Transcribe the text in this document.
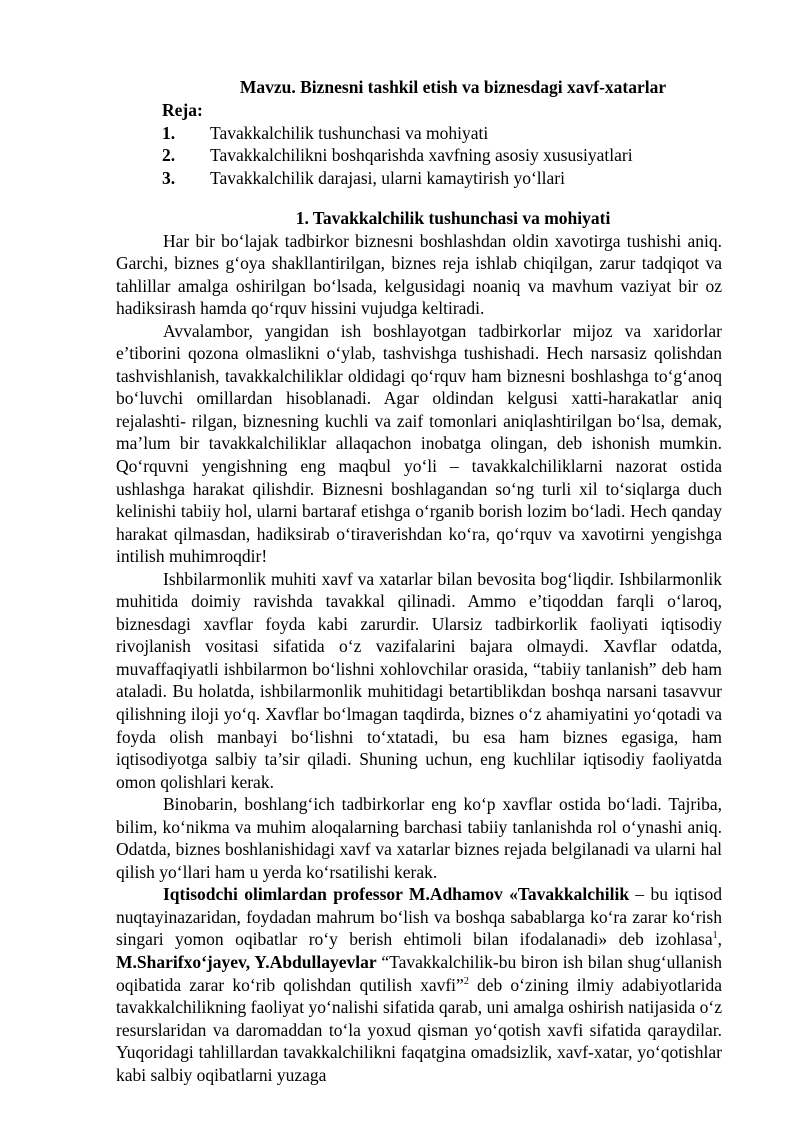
Mavzu. Biznesni tashkil etish va biznesdagi xavf-xatarlar
Reja:
1. Tavakkalchilik tushunchasi va mohiyati
2. Tavakkalchilikni boshqarishda xavfning asosiy xususiyatlari
3. Tavakkalchilik darajasi, ularni kamaytirish yo‘llari
1. Tavakkalchilik tushunchasi va mohiyati

Har bir bo‘lajak tadbirkor biznesni boshlashdan oldin xavotirga tushishi aniq. Garchi, biznes g‘oya shakllantirilgan, biznes reja ishlab chiqilgan, zarur tadqiqot va tahlillar amalga oshirilgan bo‘lsada, kelgusidagi noaniq va mavhum vaziyat bir oz hadiksirash hamda qo‘rquv hissini vujudga keltiradi.

Avvalambor, yangidan ish boshlayotgan tadbirkorlar mijoz va xaridorlar e’tiborini qozona olmaslikni o‘ylab, tashvishga tushishadi. Hech narsasiz qolishdan tashvishlanish, tavakkalchiliklar oldidagi qo‘rquv ham biznesni boshlashga to‘g‘anoq bo‘luvchi omillardan hisoblanadi. Agar oldindan kelgusi xatti-harakatlar aniq rejalashti- rilgan, biznesning kuchli va zaif tomonlari aniqlashtirilgan bo‘lsa, demak, ma’lum bir tavakkalchiliklar allaqachon inobatga olingan, deb ishonish mumkin. Qo‘rquvni yengishning eng maqbul yo‘li – tavakkalchiliklarni nazorat ostida ushlashga harakat qilishdir. Biznesni boshlagandan so‘ng turli xil to‘siqlarga duch kelinishi tabiiy hol, ularni bartaraf etishga o‘rganib borish lozim bo‘ladi. Hech qanday harakat qilmasdan, hadiksirab o‘tiraverishdan ko‘ra, qo‘rquv va xavotirni yengishga intilish muhimroqdir!

Ishbilarmonlik muhiti xavf va xatarlar bilan bevosita bog‘liqdir. Ishbilarmonlik muhitida doimiy ravishda tavakkal qilinadi. Ammo e’tiqoddan farqli o‘laroq, biznesdagi xavflar foyda kabi zarurdir. Ularsiz tadbirkorlik faoliyati iqtisodiy rivojlanish vositasi sifatida o‘z vazifalarini bajara olmaydi. Xavflar odatda, muvaffaqiyatli ishbilarmon bo‘lishni xohlovchilar orasida, “tabiiy tanlanish” deb ham ataladi. Bu holatda, ishbilarmonlik muhitidagi betartiblikdan boshqa narsani tasavvur qilishning iloji yo‘q. Xavflar bo‘lmagan taqdirda, biznes o‘z ahamiyatini yo‘qotadi va foyda olish manbayi bo‘lishni to‘xtatadi, bu esa ham biznes egasiga, ham iqtisodiyotga salbiy ta’sir qiladi. Shuning uchun, eng kuchlilar iqtisodiy faoliyatda omon qolishlari kerak.

Binobarin, boshlang‘ich tadbirkorlar eng ko‘p xavflar ostida bo‘ladi. Tajriba, bilim, ko‘nikma va muhim aloqalarning barchasi tabiiy tanlanishda rol o‘ynashi aniq. Odatda, biznes boshlanishidagi xavf va xatarlar biznes rejada belgilanadi va ularni hal qilish yo‘llari ham u yerda ko‘rsatilishi kerak.

Iqtisodchi olimlardan professor M.Adhamov «Tavakkalchilik – bu iqtisod nuqtayinazaridan, foydadan mahrum bo‘lish va boshqa sabablarga ko‘ra zarar ko‘rish singari yomon oqibatlar ro‘y berish ehtimoli bilan ifodalanadi» deb izohlasa$^1$, M.Sharifxo‘jayev, Y.Abdullayevlar “Tavakkalchilik-bu biron ish bilan shug‘ullanish oqibatida zarar ko‘rib qolishdan qutilish xavfi”$^2$ deb o‘zining ilmiy adabiyotlarida tavakkalchilikning faoliyat yo‘nalishi sifatida qarab, uni amalga oshirish natijasida o‘z resurslaridan va daromaddan to‘la yoxud qisman yo‘qotish xavfi sifatida qaraydilar. Yuqoridagi tahlillardan tavakkalchilikni faqatgina omadsizlik, xavf-xatar, yo‘qotishlar kabi salbiy oqibatlarni yuzaga
